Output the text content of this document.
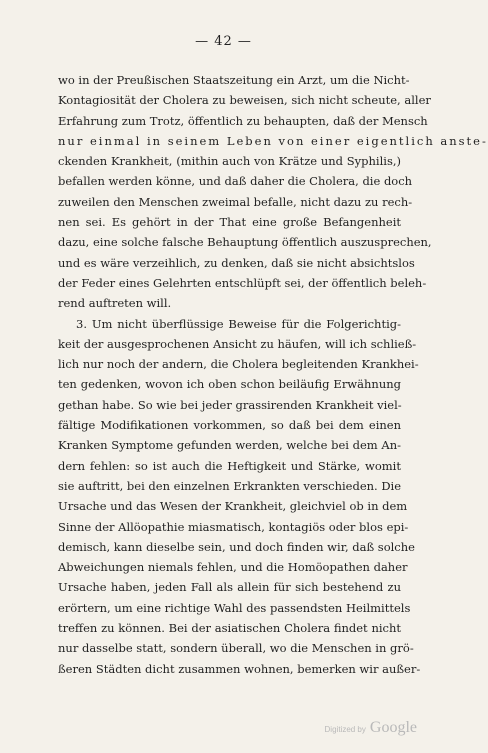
— 42 —
wo in der Preußischen Staatszeitung ein Arzt, um die Nicht-
Kontagiosität der Cholera zu beweisen, sich nicht scheute, aller
Erfahrung zum Trotz, öffentlich zu behaupten, daß der Mensch
nur einmal in seinem Leben von einer eigentlich anste-
ckenden Krankheit, (mithin auch von Krätze und Syphilis,)
befallen werden könne, und daß daher die Cholera, die doch
zuweilen den Menschen zweimal befalle, nicht dazu zu rech-
nen sei. Es gehört in der That eine große Befangenheit
dazu, eine solche falsche Behauptung öffentlich auszusprechen,
und es wäre verzeihlich, zu denken, daß sie nicht absichtslos
der Feder eines Gelehrten entschlüpft sei, der öffentlich beleh-
rend auftreten will.
3. Um nicht überflüssige Beweise für die Folgerichtig-
keit der ausgesprochenen Ansicht zu häufen, will ich schließ-
lich nur noch der andern, die Cholera begleitenden Krankhei-
ten gedenken, wovon ich oben schon beiläufig Erwähnung
gethan habe. So wie bei jeder grassirenden Krankheit viel-
fältige Modifikationen vorkommen, so daß bei dem einen
Kranken Symptome gefunden werden, welche bei dem An-
dern fehlen: so ist auch die Heftigkeit und Stärke, womit
sie auftritt, bei den einzelnen Erkrankten verschieden. Die
Ursache und das Wesen der Krankheit, gleichviel ob in dem
Sinne der Allöopathie miasmatisch, kontagiös oder blos epi-
demisch, kann dieselbe sein, und doch finden wir, daß solche
Abweichungen niemals fehlen, und die Homöopathen daher
Ursache haben, jeden Fall als allein für sich bestehend zu
erörtern, um eine richtige Wahl des passendsten Heilmittels
treffen zu können. Bei der asiatischen Cholera findet nicht
nur dasselbe statt, sondern überall, wo die Menschen in grö-
ßeren Städten dicht zusammen wohnen, bemerken wir außer-
Digitized by Google
